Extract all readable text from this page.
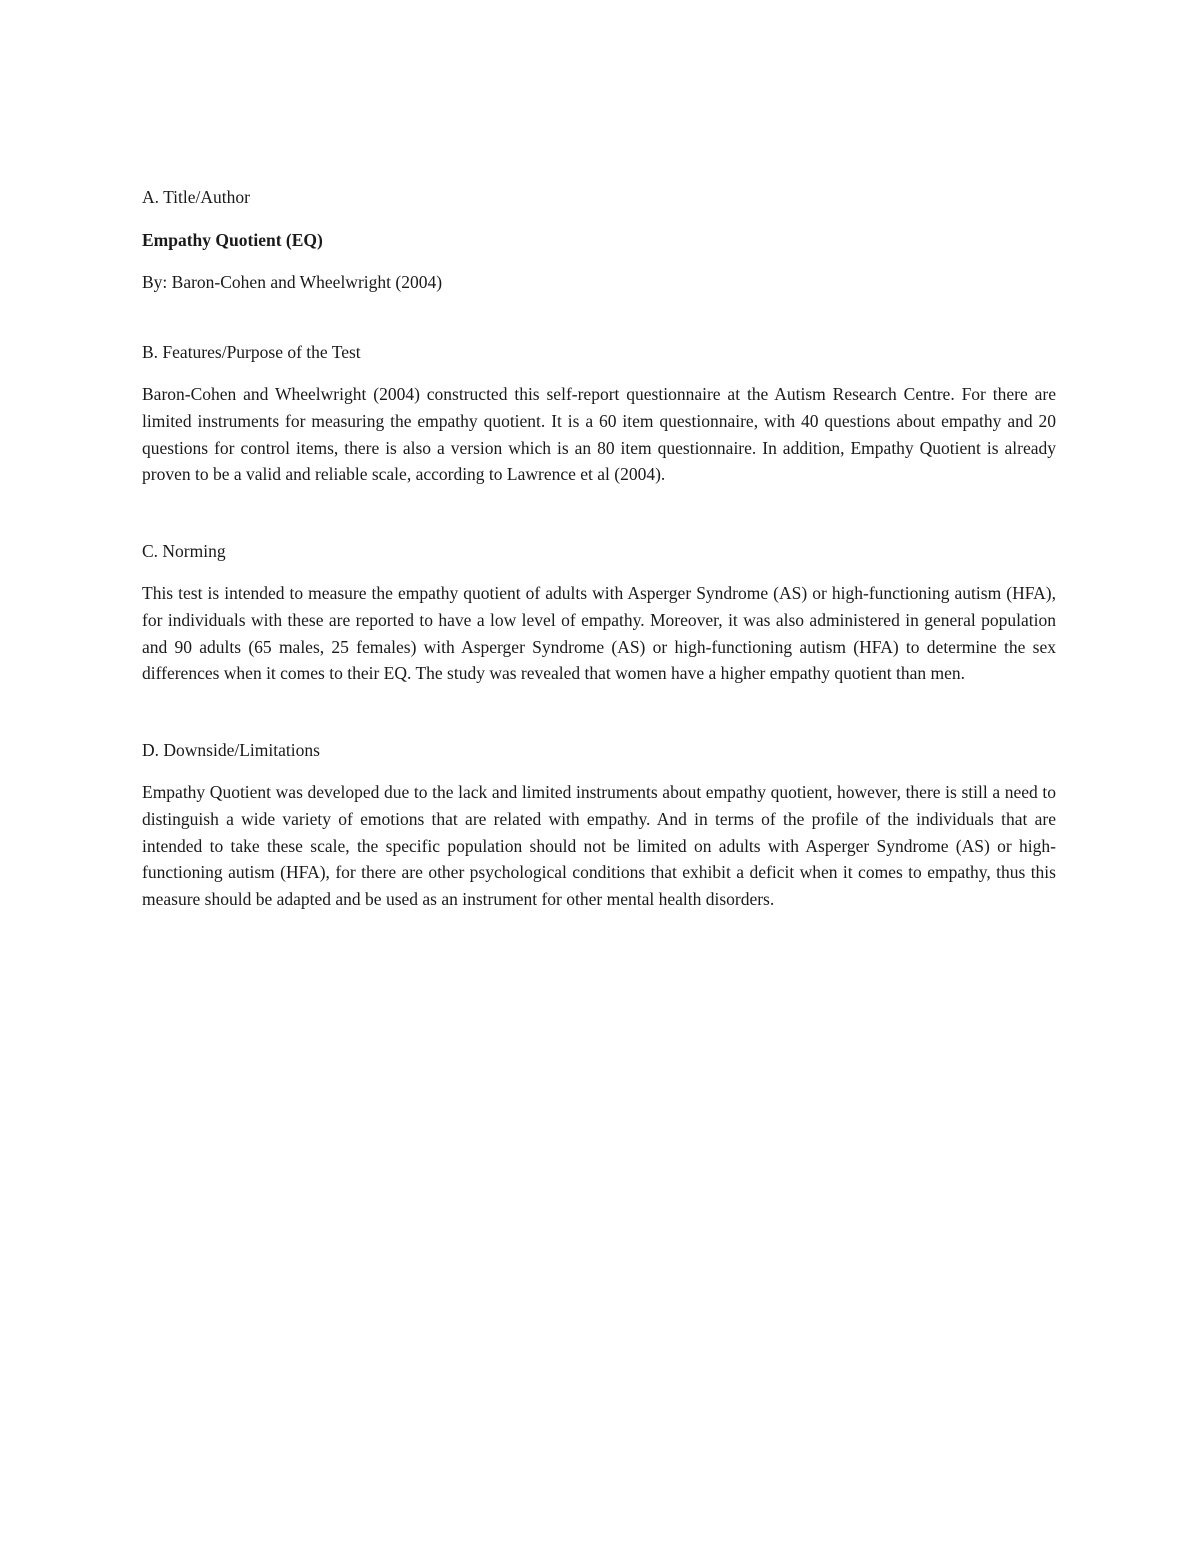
A. Title/Author

Empathy Quotient (EQ)

By: Baron-Cohen and Wheelwright (2004)

B. Features/Purpose of the Test

Baron-Cohen and Wheelwright (2004) constructed this self-report questionnaire at the Autism Research Centre. For there are limited instruments for measuring the empathy quotient. It is a 60 item questionnaire, with 40 questions about empathy and 20 questions for control items, there is also a version which is an 80 item questionnaire. In addition, Empathy Quotient is already proven to be a valid and reliable scale, according to Lawrence et al (2004).

C. Norming

This test is intended to measure the empathy quotient of adults with Asperger Syndrome (AS) or high-functioning autism (HFA), for individuals with these are reported to have a low level of empathy. Moreover, it was also administered in general population and 90 adults (65 males, 25 females) with Asperger Syndrome (AS) or high-functioning autism (HFA) to determine the sex differences when it comes to their EQ. The study was revealed that women have a higher empathy quotient than men.

D. Downside/Limitations

Empathy Quotient was developed due to the lack and limited instruments about empathy quotient, however, there is still a need to distinguish a wide variety of emotions that are related with empathy. And in terms of the profile of the individuals that are intended to take these scale, the specific population should not be limited on adults with Asperger Syndrome (AS) or high-functioning autism (HFA), for there are other psychological conditions that exhibit a deficit when it comes to empathy, thus this measure should be adapted and be used as an instrument for other mental health disorders.
